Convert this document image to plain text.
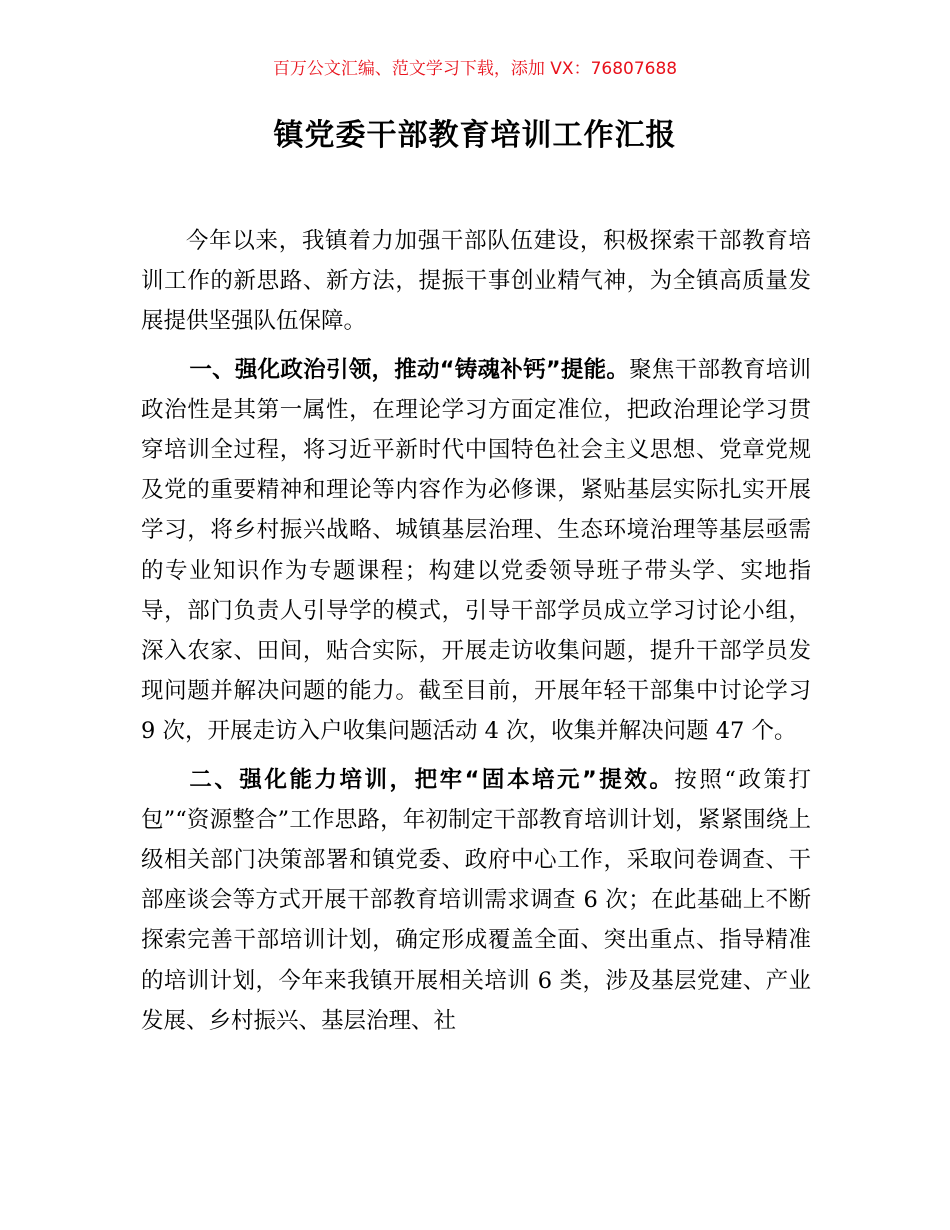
百万公文汇编、范文学习下载，添加 VX：76807688
镇党委干部教育培训工作汇报

今年以来，我镇着力加强干部队伍建设，积极探索干部教育培训工作的新思路、新方法，提振干事创业精气神，为全镇高质量发展提供坚强队伍保障。

一、强化政治引领，推动“铸魂补钙”提能。聚焦干部教育培训政治性是其第一属性，在理论学习方面定准位，把政治理论学习贯穿培训全过程，将习近平新时代中国特色社会主义思想、党章党规及党的重要精神和理论等内容作为必修课，紧贴基层实际扎实开展学习，将乡村振兴战略、城镇基层治理、生态环境治理等基层亟需的专业知识作为专题课程；构建以党委领导班子带头学、实地指导，部门负责人引导学的模式，引导干部学员成立学习讨论小组，深入农家、田间，贴合实际，开展走访收集问题，提升干部学员发现问题并解决问题的能力。截至目前，开展年轻干部集中讨论学习 9 次，开展走访入户收集问题活动 4 次，收集并解决问题 47 个。

二、强化能力培训，把牢“固本培元”提效。按照“政策打包”“资源整合”工作思路，年初制定干部教育培训计划，紧紧围绕上级相关部门决策部署和镇党委、政府中心工作，采取问卷调查、干部座谈会等方式开展干部教育培训需求调查 6 次；在此基础上不断探索完善干部培训计划，确定形成覆盖全面、突出重点、指导精准的培训计划，今年来我镇开展相关培训 6 类，涉及基层党建、产业发展、乡村振兴、基层治理、社
